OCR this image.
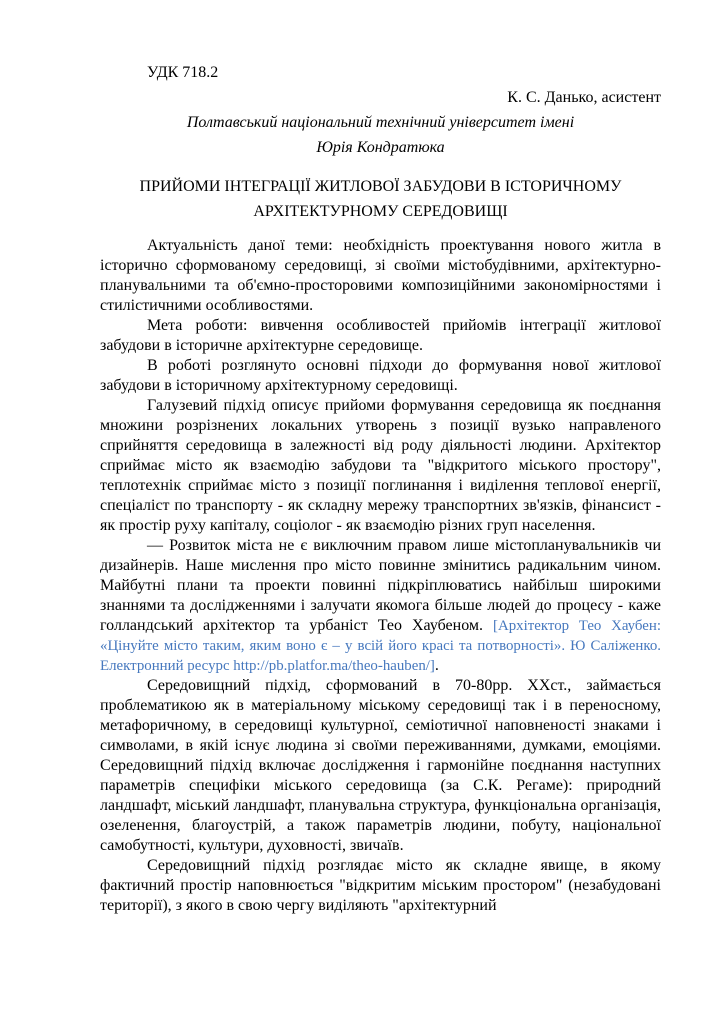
УДК 718.2
К. С. Данько, асистент
Полтавський національний технічний університет імені Юрія Кондратюка
ПРИЙОМИ ІНТЕГРАЦІЇ ЖИТЛОВОЇ ЗАБУДОВИ В ІСТОРИЧНОМУ АРХІТЕКТУРНОМУ СЕРЕДОВИЩІ

Актуальність даної теми: необхідність проектування нового житла в історично сформованому середовищі, зі своїми містобудівними, архітектурно-планувальними та об'ємно-просторовими композиційними закономірностями і стилістичними особливостями.

Мета роботи: вивчення особливостей прийомів інтеграції житлової забудови в історичне архітектурне середовище.

В роботі розглянуто основні підходи до формування нової житлової забудови в історичному архітектурному середовищі.

Галузевий підхід описує прийоми формування середовища як поєднання множини розрізнених локальних утворень з позиції вузько направленого сприйняття середовища в залежності від роду діяльності людини. Архітектор сприймає місто як взаємодію забудови та "відкритого міського простору", теплотехнік сприймає місто з позиції поглинання і виділення теплової енергії, спеціаліст по транспорту - як складну мережу транспортних зв'язків, фінансист - як простір руху капіталу, соціолог - як взаємодію різних груп населення.

— Розвиток міста не є виключним правом лише містопланувальників чи дизайнерів. Наше мислення про місто повинне змінитись радикальним чином. Майбутні плани та проекти повинні підкріплюватись найбільш широкими знаннями та дослідженнями і залучати якомога більше людей до процесу - каже голландський архітектор та урбаніст Тео Хаубеном. [Архітектор Тео Хаубен: «Цінуйте місто таким, яким воно є – у всій його красі та потворності». Ю Саліженко. Електронний ресурс http://pb.platfor.ma/theo-hauben/].

Середовищний підхід, сформований в 70-80рр. ХХст., займається проблематикою як в матеріальному міському середовищі так і в переносному, метафоричному, в середовищі культурної, семіотичної наповненості знаками і символами, в якій існує людина зі своїми переживаннями, думками, емоціями. Середовищний підхід включає дослідження і гармонійне поєднання наступних параметрів специфіки міського середовища (за С.К. Регаме): природний ландшафт, міський ландшафт, планувальна структура, функціональна організація, озеленення, благоустрій, а також параметрів людини, побуту, національної самобутності, культури, духовності, звичаїв.

Середовищний підхід розглядає місто як складне явище, в якому фактичний простір наповнюється "відкритим міським простором" (незабудовані території), з якого в свою чергу виділяють "архітектурний
